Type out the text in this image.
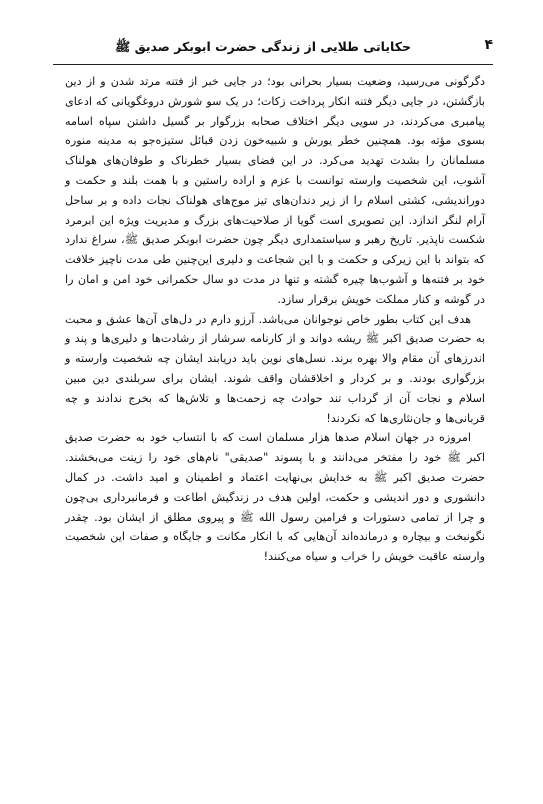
۴
حکایاتی طلایی از زندگی حضرت ابوبکر صدیق ﷺ

دگرگونی می‌رسید، وضعیت بسیار بحرانی بود؛ در جایی خبر از فتنه مرتد شدن و از دین بازگشتن، در جایی دیگر فتنه انکار پرداخت زکات؛ در یک سو شورش دروغگویانی که ادعای پیامبری می‌کردند، در سویی دیگر اختلاف صحابه بزرگوار بر گسیل داشتن سپاه اسامه بسوی مؤته بود. همچنین خطر یورش و شبیه‌خون زدن قبائل ستیزه‌جو به مدینه منوره مسلمانان را بشدت تهدید می‌کرد. در این فضای بسیار خطرناک و طوفان‌های هولناک آشوب، این شخصیت وارسته توانست با عزم و اراده راستین و با همت بلند و حکمت و دوراندیشی، کشتی اسلام را از زیر دندان‌های تیز موج‌های هولناک نجات داده و بر ساحل آرام لنگر اندازد. این تصویری است گویا از صلاحیت‌های بزرگ و مدیریت ویژه این ابرمرد شکست ناپذیر. تاریخ رهبر و سیاستمداری دیگر چون حضرت ابوبکر صدیق ﷺ، سراغ ندارد که بتواند با این زیرکی و حکمت و با این شجاعت و دلیری این‌چنین طی مدت ناچیز خلافت خود بر فتنه‌ها و آشوب‌ها چیره گشته و تنها در مدت دو سال حکمرانی خود امن و امان را در گوشه و کنار مملکت خویش برقرار سازد.

هدف این کتاب بطور خاص نوجوانان می‌باشد. آرزو دارم در دل‌های آن‌ها عشق و محبت به حضرت صدیق اکبر ﷺ ریشه دواند و از کارنامه سرشار از رشادت‌ها و دلیری‌ها و پند و اندرزهای آن مقام والا بهره برند. نسل‌های نوین باید دریابند ایشان چه شخصیت وارسته و بزرگواری بودند. و بر کردار و اخلاقشان واقف شوند. ایشان برای سربلندی دین مبین اسلام و نجات آن از گرداب تند حوادث چه زحمت‌ها و تلاش‌ها که بخرج ندادند و چه قربانی‌ها و جان‌نثاری‌ها که نکردند!

امروزه در جهان اسلام صدها هزار مسلمان است که با انتساب خود به حضرت صدیق اکبر ﷺ خود را مفتخر می‌دانند و با پسوند "صدیقی" نام‌های خود را زینت می‌بخشند. حضرت صدیق اکبر ﷺ به خدایش بی‌نهایت اعتماد و اطمینان و امید داشت. در کمال دانشوری و دور اندیشی و حکمت، اولین هدف در زندگیش اطاعت و فرمانبرداری بی‌چون و چرا از تمامی دستورات و فرامین رسول الله ﷺ و پیروی مطلق از ایشان بود. چقدر نگونبخت و بیچاره و درمانده‌اند آن‌هایی که با انکار مکانت و جایگاه و صفات این شخصیت وارسته عاقبت خویش را خراب و سیاه می‌کنند!
